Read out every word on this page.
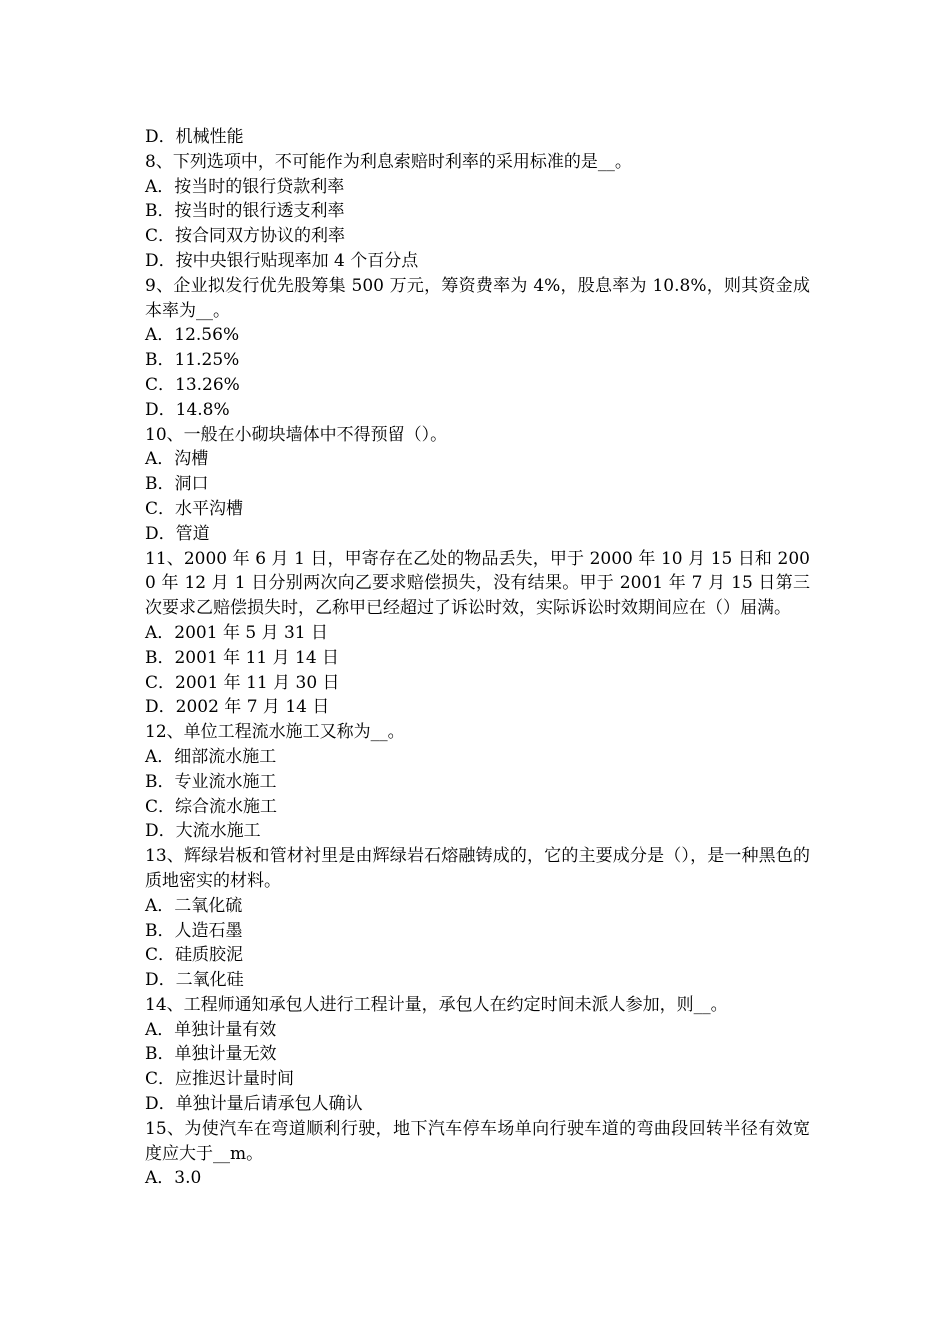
D．机械性能

8、下列选项中，不可能作为利息索赔时利率的采用标准的是__。

A．按当时的银行贷款利率

B．按当时的银行透支利率

C．按合同双方协议的利率

D．按中央银行贴现率加 4 个百分点

9、企业拟发行优先股筹集 500 万元，筹资费率为 4%，股息率为 10.8%，则其资金成本率为__。

A．12.56%

B．11.25%

C．13.26%

D．14.8%

10、一般在小砌块墙体中不得预留（）。

A．沟槽

B．洞口

C．水平沟槽

D．管道

11、2000 年 6 月 1 日，甲寄存在乙处的物品丢失，甲于 2000 年 10 月 15 日和 2000 年 12 月 1 日分别两次向乙要求赔偿损失，没有结果。甲于 2001 年 7 月 15 日第三次要求乙赔偿损失时，乙称甲已经超过了诉讼时效，实际诉讼时效期间应在（）届满。

A．2001 年 5 月 31 日

B．2001 年 11 月 14 日

C．2001 年 11 月 30 日

D．2002 年 7 月 14 日

12、单位工程流水施工又称为__。

A．细部流水施工

B．专业流水施工

C．综合流水施工

D．大流水施工

13、辉绿岩板和管材衬里是由辉绿岩石熔融铸成的，它的主要成分是（），是一种黑色的质地密实的材料。

A．二氧化硫

B．人造石墨

C．硅质胶泥

D．二氧化硅

14、工程师通知承包人进行工程计量，承包人在约定时间未派人参加，则__。

A．单独计量有效

B．单独计量无效

C．应推迟计量时间

D．单独计量后请承包人确认

15、为使汽车在弯道顺利行驶，地下汽车停车场单向行驶车道的弯曲段回转半径有效宽度应大于__m。

A．3.0
